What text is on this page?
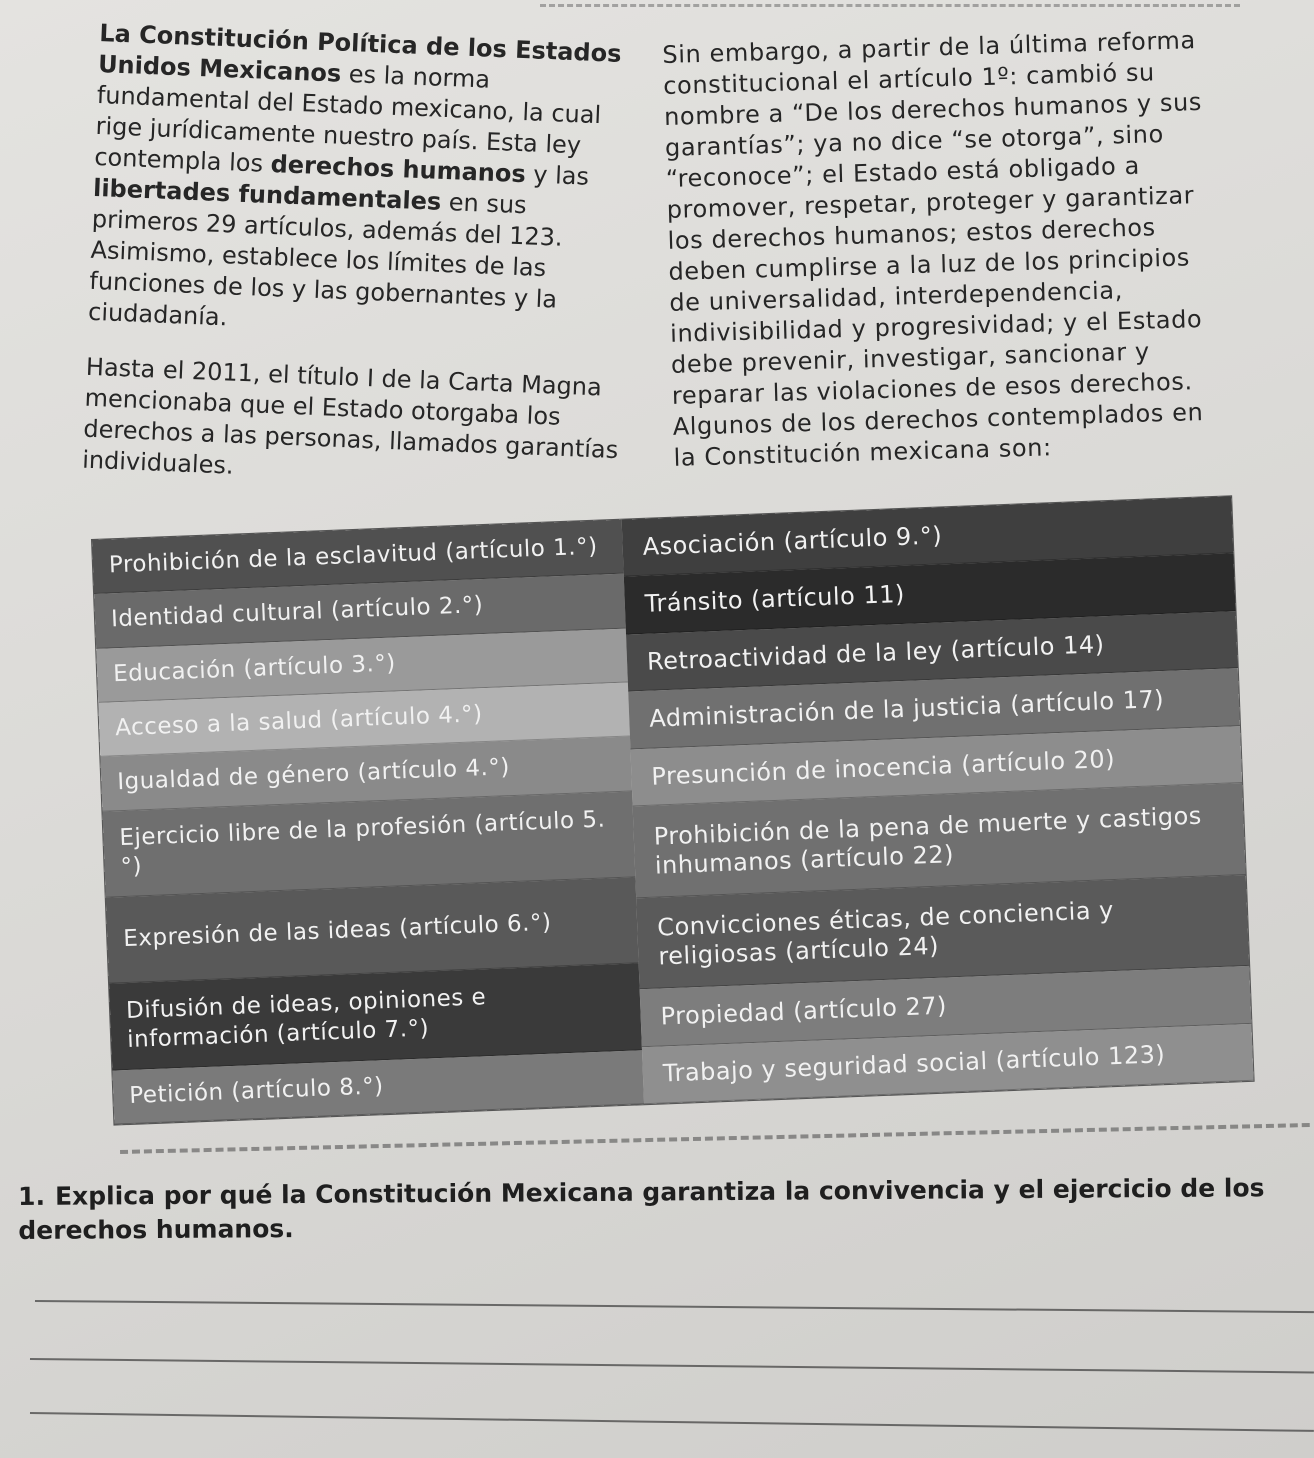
La Constitución Política de los Estados Unidos Mexicanos es la norma fundamental del Estado mexicano, la cual rige jurídicamente nuestro país. Esta ley contempla los derechos humanos y las libertades fundamentales en sus primeros 29 artículos, además del 123. Asimismo, establece los límites de las funciones de los y las gobernantes y la ciudadanía.

Hasta el 2011, el título I de la Carta Magna mencionaba que el Estado otorgaba los derechos a las personas, llamados garantías individuales.

Sin embargo, a partir de la última reforma constitucional el artículo 1º: cambió su nombre a “De los derechos humanos y sus garantías”; ya no dice “se otorga”, sino “reconoce”; el Estado está obligado a promover, respetar, proteger y garantizar los derechos humanos; estos derechos deben cumplirse a la luz de los principios de universalidad, interdependencia, indivisibilidad y progresividad; y el Estado debe prevenir, investigar, sancionar y reparar las violaciones de esos derechos. Algunos de los derechos contemplados en la Constitución mexicana son:

Prohibición de la esclavitud (artículo 1.°)
Identidad cultural (artículo 2.°)
Educación (artículo 3.°)
Acceso a la salud (artículo 4.°)
Igualdad de género (artículo 4.°)
Ejercicio libre de la profesión (artículo 5.°)
Expresión de las ideas (artículo 6.°)
Difusión de ideas, opiniones e información (artículo 7.°)
Petición (artículo 8.°)
Asociación (artículo 9.°)
Tránsito (artículo 11)
Retroactividad de la ley (artículo 14)
Administración de la justicia (artículo 17)
Presunción de inocencia (artículo 20)
Prohibición de la pena de muerte y castigos inhumanos (artículo 22)
Convicciones éticas, de conciencia y religiosas (artículo 24)
Propiedad (artículo 27)
Trabajo y seguridad social (artículo 123)
1. Explica por qué la Constitución Mexicana garantiza la convivencia y el ejercicio de los derechos humanos.
